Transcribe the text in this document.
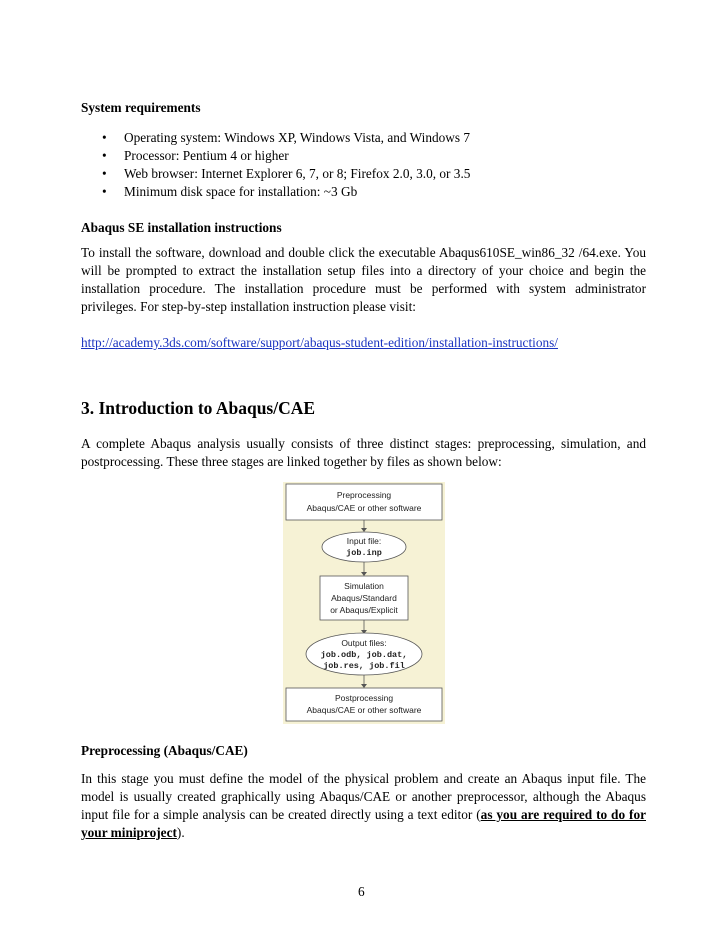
System requirements
• Operating system: Windows XP, Windows Vista, and Windows 7
• Processor: Pentium 4 or higher
• Web browser: Internet Explorer 6, 7, or 8; Firefox 2.0, 3.0, or 3.5
• Minimum disk space for installation: ~3 Gb
Abaqus SE installation instructions
To install the software, download and double click the executable Abaqus610SE_win86_32 /64.exe. You will be prompted to extract the installation setup files into a directory of your choice and begin the installation procedure. The installation procedure must be performed with system administrator privileges. For step-by-step installation instruction please visit:
http://academy.3ds.com/software/support/abaqus-student-edition/installation-instructions/
3. Introduction to Abaqus/CAE
A complete Abaqus analysis usually consists of three distinct stages: preprocessing, simulation, and postprocessing. These three stages are linked together by files as shown below:
Preprocessing
Abaqus/CAE or other software
Input file:
job.inp
Simulation
Abaqus/Standard
or Abaqus/Explicit
Output files:
job.odb, job.dat,
job.res, job.fil
Postprocessing
Abaqus/CAE or other software
Preprocessing (Abaqus/CAE)
In this stage you must define the model of the physical problem and create an Abaqus input file. The model is usually created graphically using Abaqus/CAE or another preprocessor, although the Abaqus input file for a simple analysis can be created directly using a text editor (as you are required to do for your miniproject).
6
